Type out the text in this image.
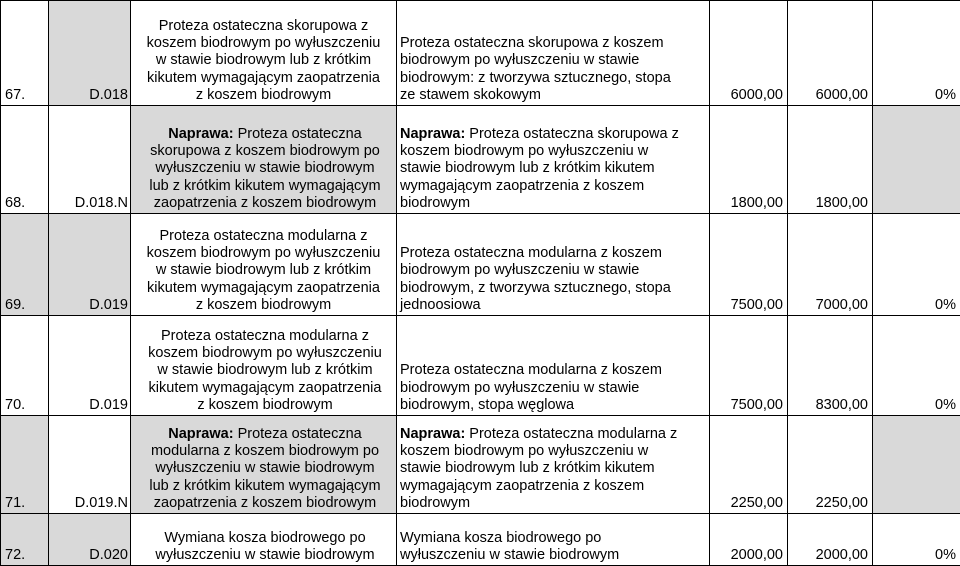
67.	D.018	Proteza ostateczna skorupowa z
koszem biodrowym po wyłuszczeniu
w stawie biodrowym lub z krótkim
kikutem wymagającym zaopatrzenia
z koszem biodrowym	Proteza ostateczna skorupowa z koszem
biodrowym po wyłuszczeniu w stawie
biodrowym: z tworzywa sztucznego, stopa
ze stawem skokowym	6000,00	6000,00	0%
68.	D.018.N	Naprawa: Proteza ostateczna
skorupowa z koszem biodrowym po
wyłuszczeniu w stawie biodrowym
lub z krótkim kikutem wymagającym
zaopatrzenia z koszem biodrowym	Naprawa: Proteza ostateczna skorupowa z
koszem biodrowym po wyłuszczeniu w
stawie biodrowym lub z krótkim kikutem
wymagającym zaopatrzenia z koszem
biodrowym	1800,00	1800,00	
69.	D.019	Proteza ostateczna modularna z
koszem biodrowym po wyłuszczeniu
w stawie biodrowym lub z krótkim
kikutem wymagającym zaopatrzenia
z koszem biodrowym	Proteza ostateczna modularna z koszem
biodrowym po wyłuszczeniu w stawie
biodrowym, z tworzywa sztucznego, stopa
jednoosiowa	7500,00	7000,00	0%
70.	D.019	Proteza ostateczna modularna z
koszem biodrowym po wyłuszczeniu
w stawie biodrowym lub z krótkim
kikutem wymagającym zaopatrzenia
z koszem biodrowym	Proteza ostateczna modularna z koszem
biodrowym po wyłuszczeniu w stawie
biodrowym, stopa węglowa	7500,00	8300,00	0%
71.	D.019.N	Naprawa: Proteza ostateczna
modularna z koszem biodrowym po
wyłuszczeniu w stawie biodrowym
lub z krótkim kikutem wymagającym
zaopatrzenia z koszem biodrowym	Naprawa: Proteza ostateczna modularna z
koszem biodrowym po wyłuszczeniu w
stawie biodrowym lub z krótkim kikutem
wymagającym zaopatrzenia z koszem
biodrowym	2250,00	2250,00	
72.	D.020	Wymiana kosza biodrowego po
wyłuszczeniu w stawie biodrowym	Wymiana kosza biodrowego po
wyłuszczeniu w stawie biodrowym	2000,00	2000,00	0%
